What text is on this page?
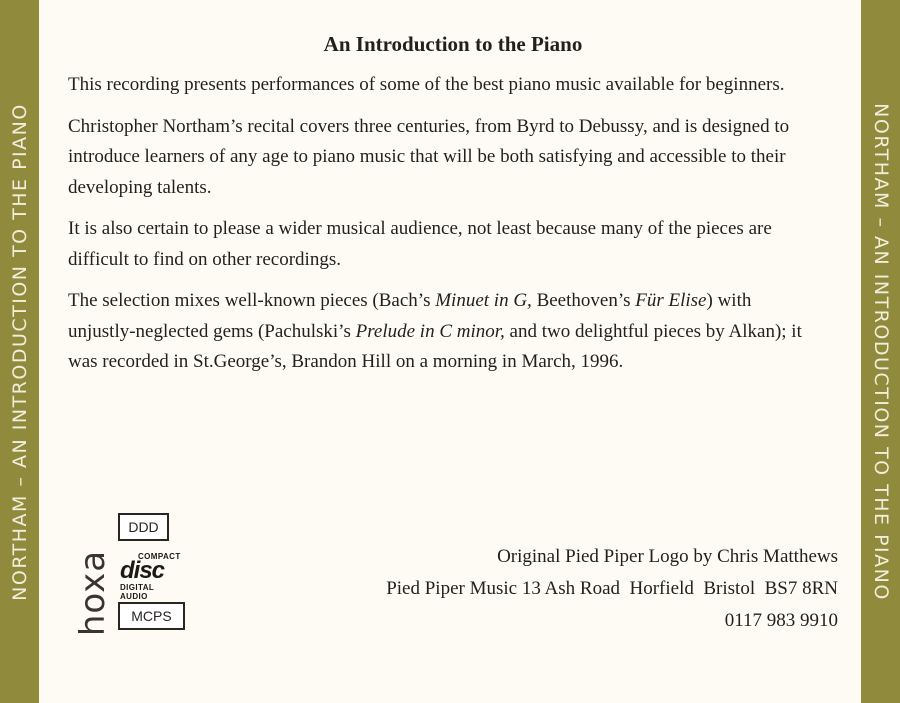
NORTHAM – AN INTRODUCTION TO THE PIANO	NORTHAM – AN INTRODUCTION TO THE PIANO
An Introduction to the Piano

This recording presents performances of some of the best piano music available for beginners.

Christopher Northam’s recital covers three centuries, from Byrd to Debussy, and is designed to introduce learners of any age to piano music that will be both satisfying and accessible to their developing talents.

It is also certain to please a wider musical audience, not least because many of the pieces are difficult to find on other recordings.

The selection mixes well-known pieces (Bach’s Minuet in G, Beethoven’s Für Elise) with unjustly-neglected gems (Pachulski’s Prelude in C minor, and two delightful pieces by Alkan); it was recorded in St.George’s, Brandon Hill on a morning in March, 1996.

hoxa
DDD
COMPACT
disc
DIGITAL AUDIO
MCPS
Original Pied Piper Logo by Chris Matthews
Pied Piper Music 13 Ash Road  Horfield  Bristol  BS7 8RN
0117 983 9910
